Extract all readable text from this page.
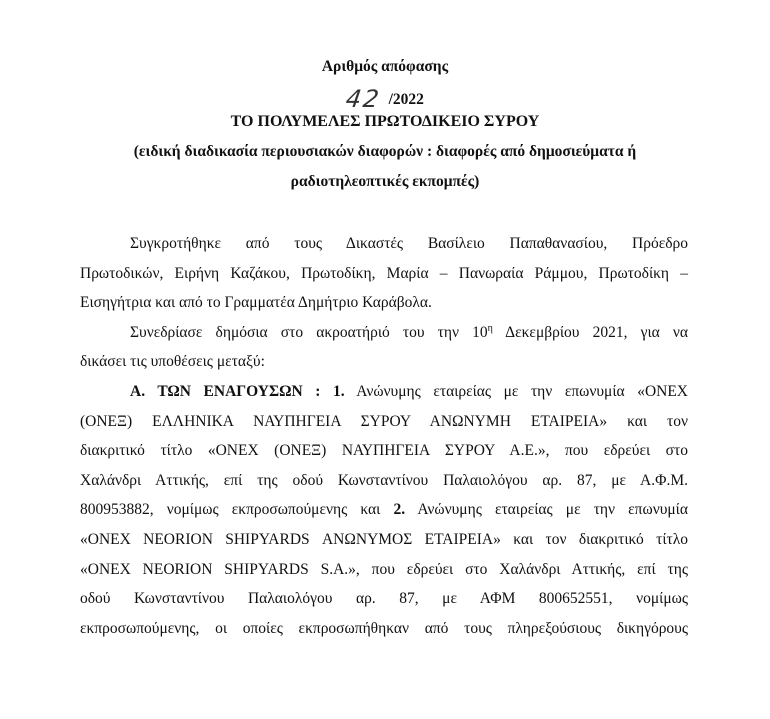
Αριθμός απόφασης
42 /2022
ΤΟ ΠΟΛΥΜΕΛΕΣ ΠΡΩΤΟΔΙΚΕΙΟ ΣΥΡΟΥ
(ειδική διαδικασία περιουσιακών διαφορών : διαφορές από δημοσιεύματα ή
ραδιοτηλεοπτικές εκπομπές)

Συγκροτήθηκε από τους Δικαστές Βασίλειο Παπαθανασίου, Πρόεδρο
Πρωτοδικών, Ειρήνη Καζάκου, Πρωτοδίκη, Μαρία – Πανωραία Ράμμου, Πρωτοδίκη –
Εισηγήτρια και από το Γραμματέα Δημήτριο Καράβολα.

Συνεδρίασε δημόσια στο ακροατήριό του την $10^\eta$ Δεκεμβρίου 2021, για να
δικάσει τις υποθέσεις μεταξύ:

Α. ΤΩΝ ΕΝΑΓΟΥΣΩΝ : 1. Ανώνυμης εταιρείας με την επωνυμία «ΟΝΕΧ
(ΟΝΕΞ) ΕΛΛΗΝΙΚΑ ΝΑΥΠΗΓΕΙΑ ΣΥΡΟΥ ΑΝΩΝΥΜΗ ΕΤΑΙΡΕΙΑ» και τον
διακριτικό τίτλο «ΟΝΕΧ (ΟΝΕΞ) ΝΑΥΠΗΓΕΙΑ ΣΥΡΟΥ Α.Ε.», που εδρεύει στο
Χαλάνδρι Αττικής, επί της οδού Κωνσταντίνου Παλαιολόγου αρ. 87, με Α.Φ.Μ.
800953882, νομίμως εκπροσωπούμενης και 2. Ανώνυμης εταιρείας με την επωνυμία
«ONEX NEORION SHIPYARDS ΑΝΩΝΥΜΟΣ ΕΤΑΙΡΕΙΑ» και τον διακριτικό τίτλο
«ONEX NEORION SHIPYARDS S.A.», που εδρεύει στο Χαλάνδρι Αττικής, επί της
οδού Κωνσταντίνου Παλαιολόγου αρ. 87, με ΑΦΜ 800652551, νομίμως
εκπροσωπούμενης, οι οποίες εκπροσωπήθηκαν από τους πληρεξούσιους δικηγόρους
